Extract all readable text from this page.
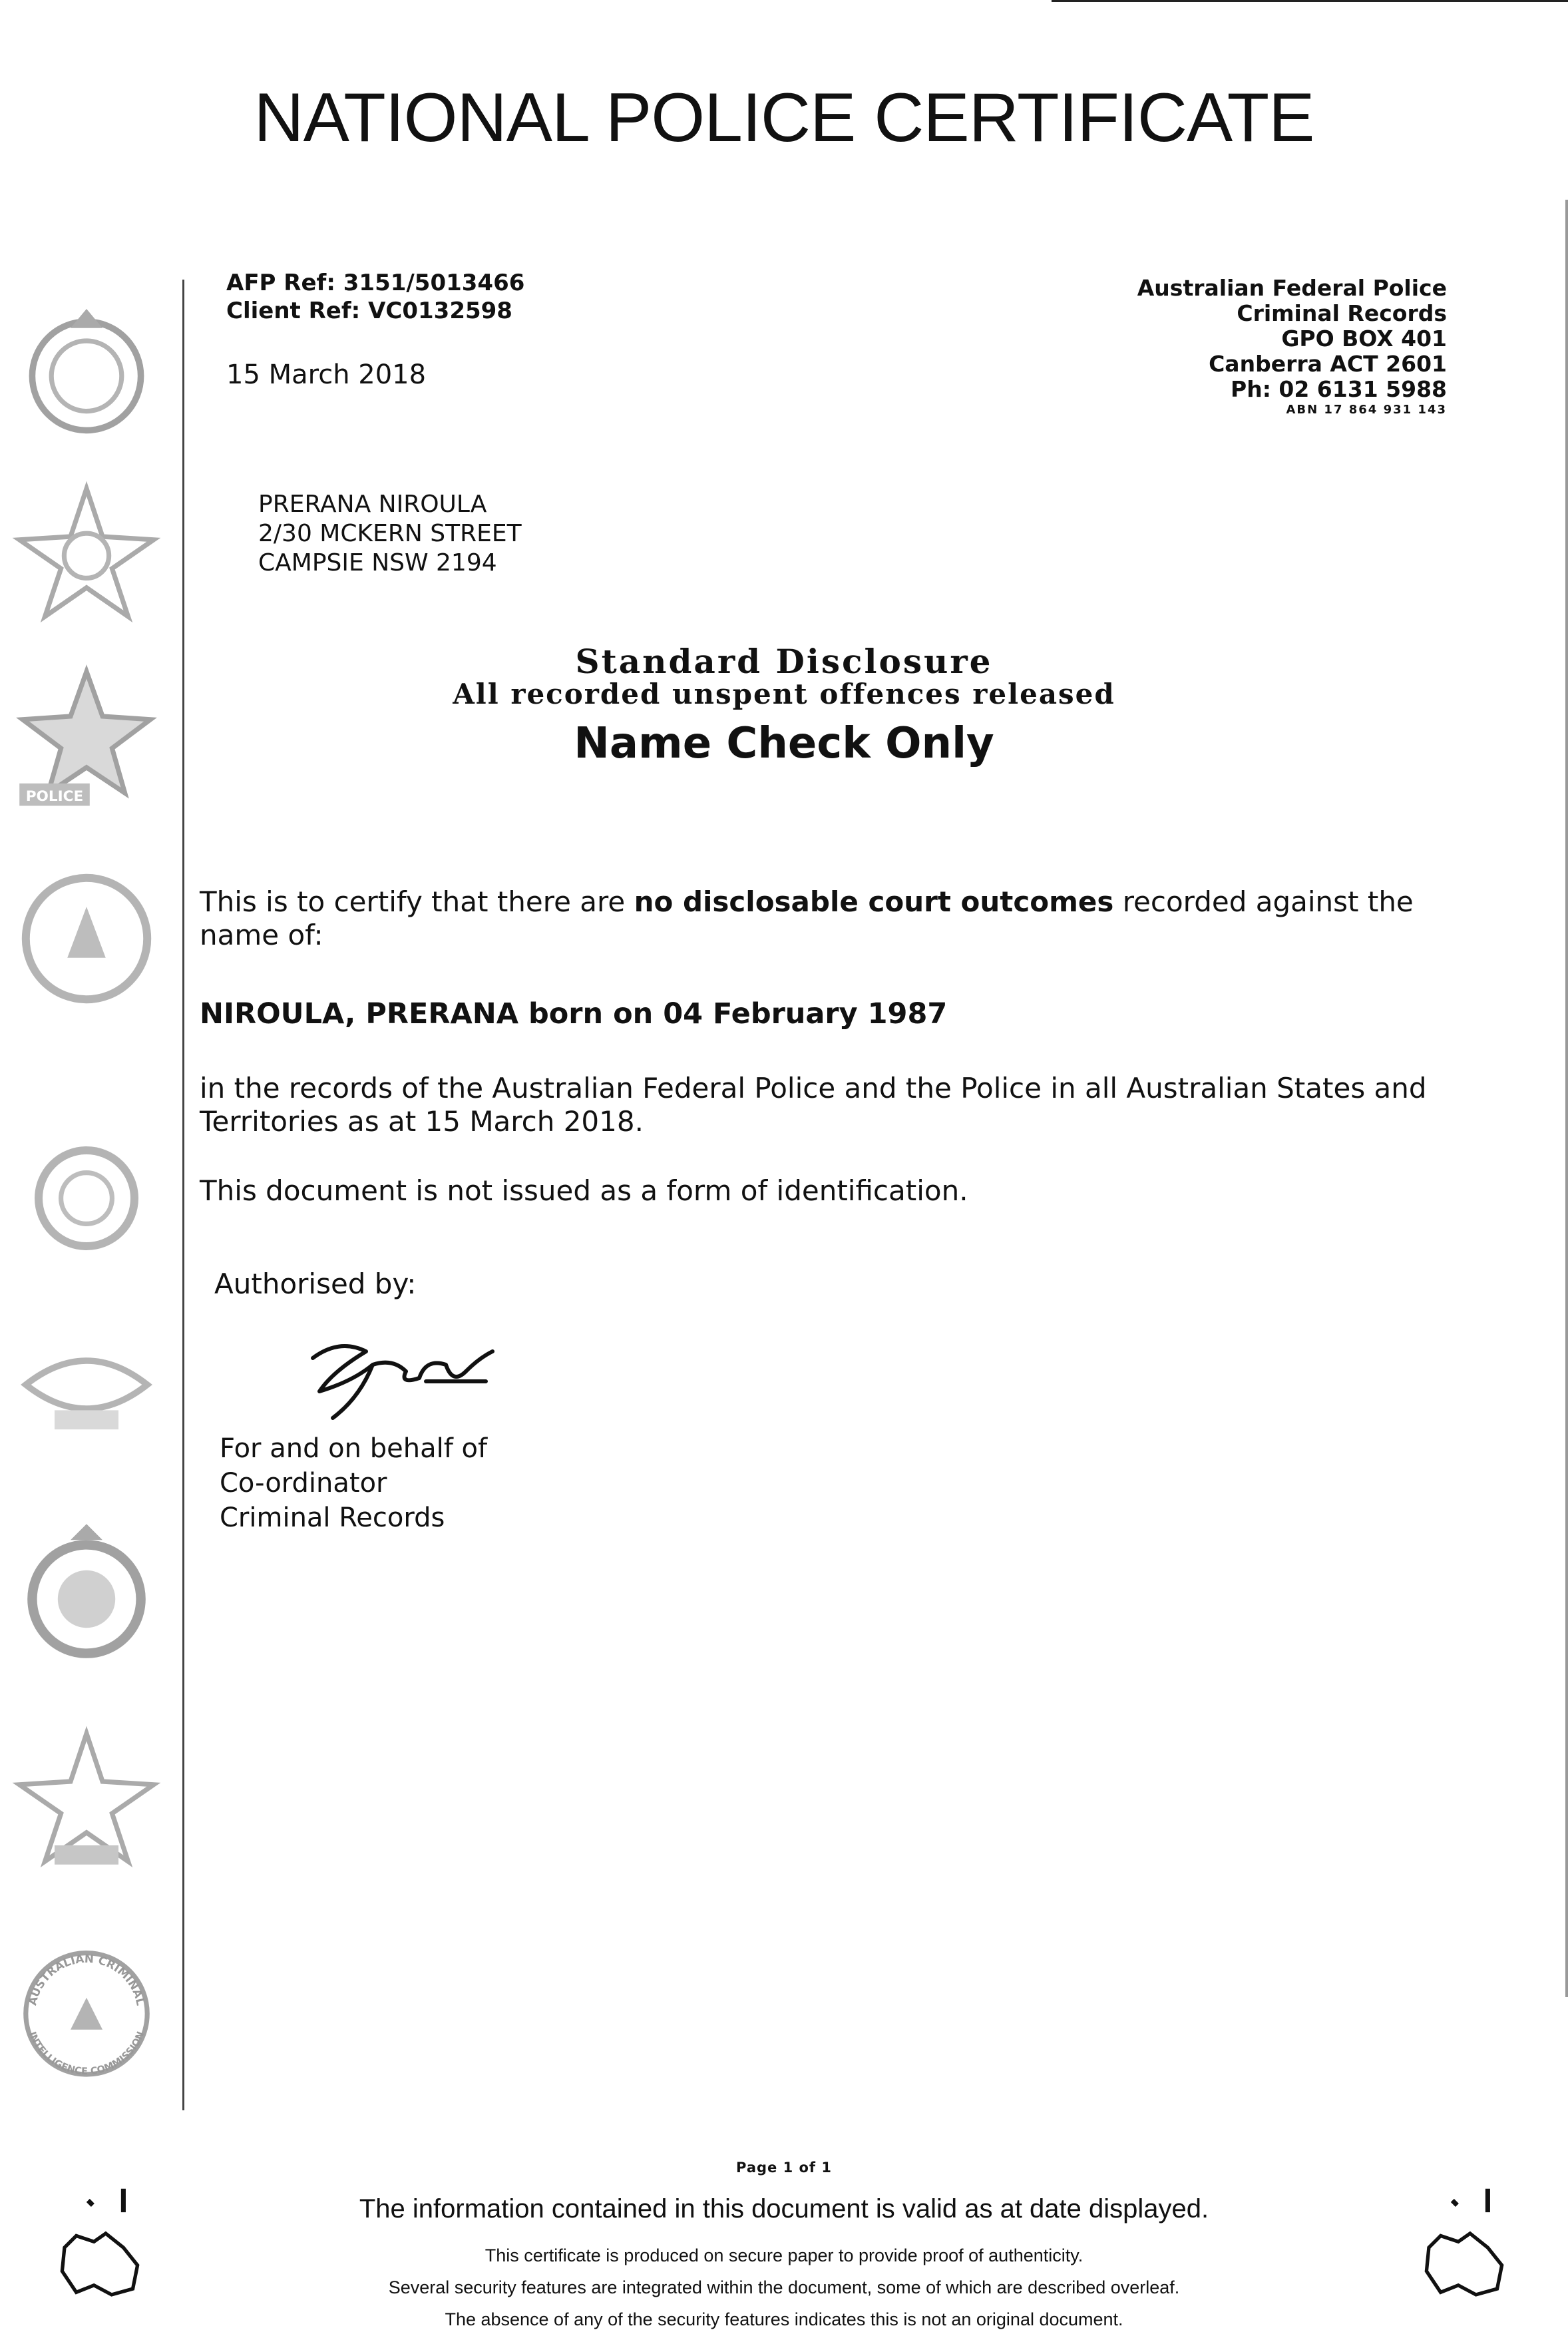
POLICE
AUSTRALIAN CRIMINAL
INTELLIGENCE COMMISSION
NATIONAL POLICE CERTIFICATE
AFP Ref: 3151/5013466
Client Ref: VC0132598
15 March 2018
Australian Federal Police
Criminal Records
GPO BOX 401
Canberra ACT 2601
Ph: 02 6131 5988
ABN 17 864 931 143
PRERANA NIROULA
2/30 MCKERN STREET
CAMPSIE NSW 2194
Standard Disclosure
All recorded unspent offences released
Name Check Only
This is to certify that there are no disclosable court outcomes recorded against the name of:
NIROULA, PRERANA born on 04 February 1987
in the records of the Australian Federal Police and the Police in all Australian States and Territories as at 15 March 2018.
This document is not issued as a form of identification.
Authorised by:
For and on behalf of
Co-ordinator
Criminal Records
Page 1 of 1
The information contained in this document is valid as at date displayed.
This certificate is produced on secure paper to provide proof of authenticity.
Several security features are integrated within the document, some of which are described overleaf.
The absence of any of the security features indicates this is not an original document.
